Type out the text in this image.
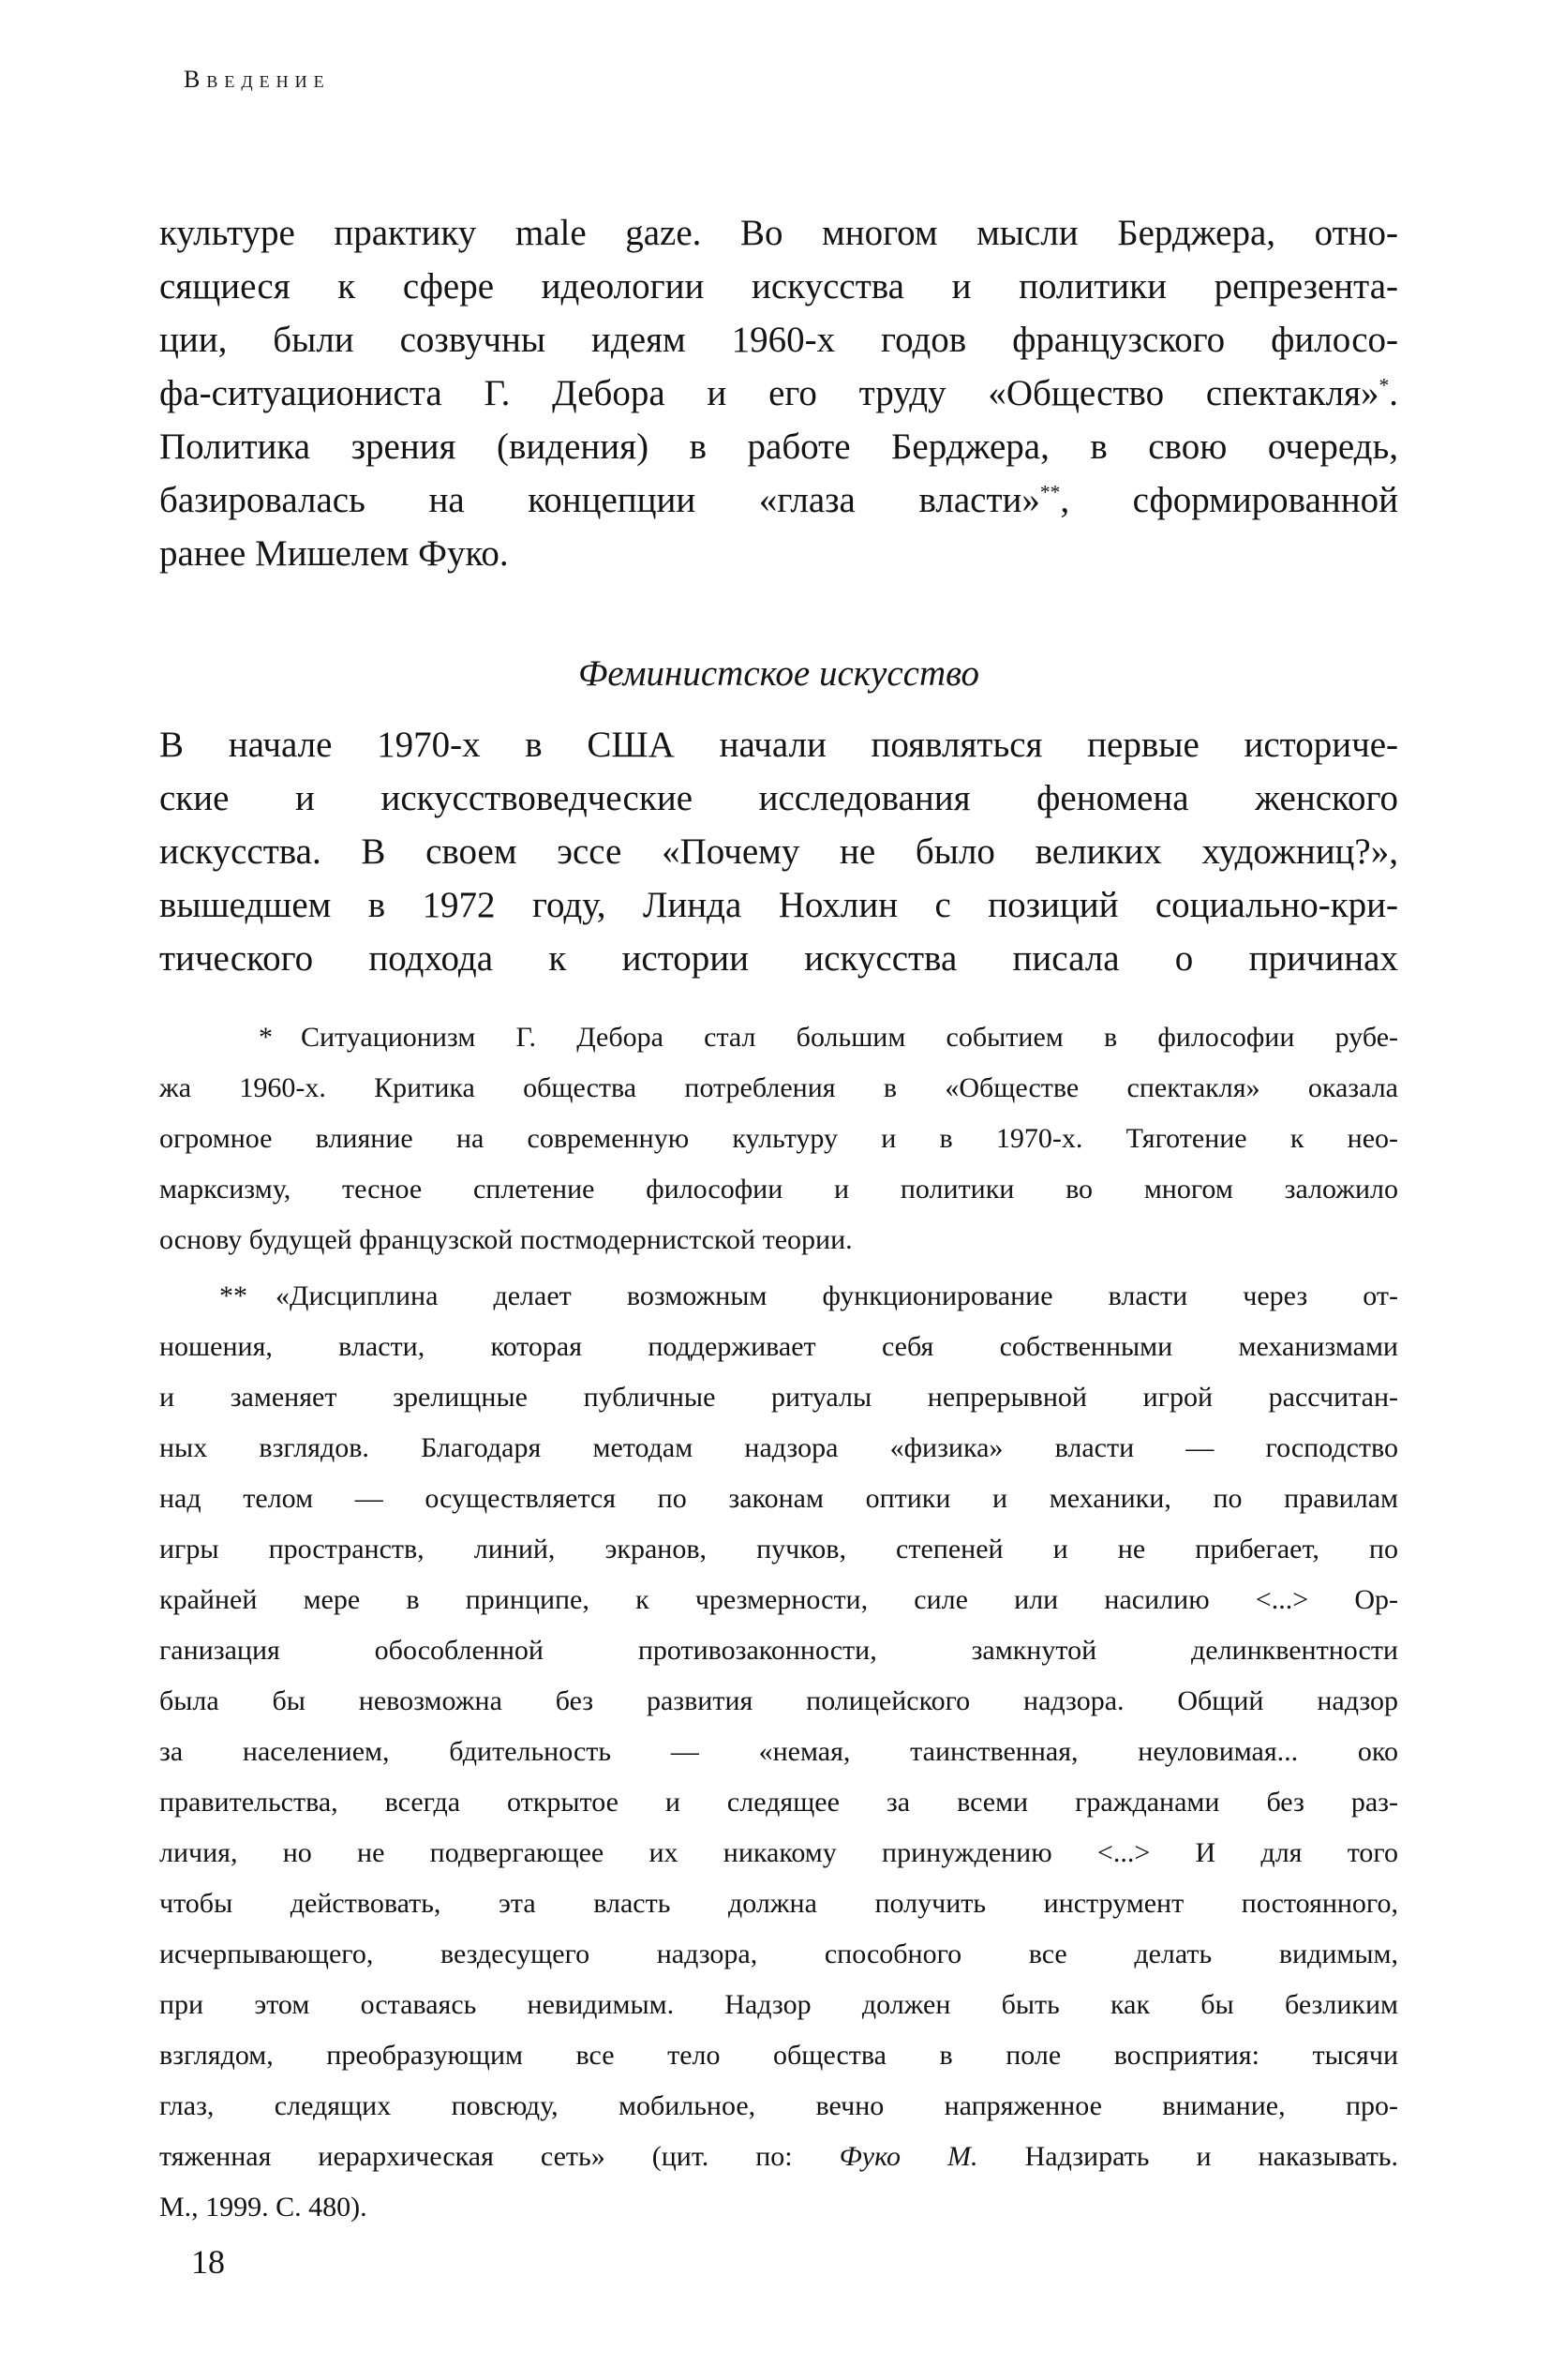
Введение
культуре практику male gaze. Во многом мысли Берджера, отно-
сящиеся к сфере идеологии искусства и политики репрезента-
ции, были созвучны идеям 1960-х годов французского филосо-
фа-ситуациониста Г. Дебора и его труду «Общество спектакля»*.
Политика зрения (видения) в работе Берджера, в свою очередь,
базировалась на концепции «глаза власти»**, сформированной
ранее Мишелем Фуко.
Феминистское искусство
В начале 1970-х в США начали появляться первые историче-
ские и искусствоведческие исследования феномена женского
искусства. В своем эссе «Почему не было великих художниц?»,
вышедшем в 1972 году, Линда Нохлин с позиций социально-кри-
тического подхода к истории искусства писала о причинах
* Ситуационизм Г. Дебора стал большим событием в философии рубе-
жа 1960-х. Критика общества потребления в «Обществе спектакля» оказала
огромное влияние на современную культуру и в 1970-х. Тяготение к нео-
марксизму, тесное сплетение философии и политики во многом заложило
основу будущей французской постмодернистской теории.
** «Дисциплина делает возможным функционирование власти через от-
ношения, власти, которая поддерживает себя собственными механизмами
и заменяет зрелищные публичные ритуалы непрерывной игрой рассчитан-
ных взглядов. Благодаря методам надзора «физика» власти — господство
над телом — осуществляется по законам оптики и механики, по правилам
игры пространств, линий, экранов, пучков, степеней и не прибегает, по
крайней мере в принципе, к чрезмерности, силе или насилию <...> Ор-
ганизация обособленной противозаконности, замкнутой делинквентности
была бы невозможна без развития полицейского надзора. Общий надзор
за населением, бдительность — «немая, таинственная, неуловимая... око
правительства, всегда открытое и следящее за всеми гражданами без раз-
личия, но не подвергающее их никакому принуждению <...> И для того
чтобы действовать, эта власть должна получить инструмент постоянного,
исчерпывающего, вездесущего надзора, способного все делать видимым,
при этом оставаясь невидимым. Надзор должен быть как бы безликим
взглядом, преобразующим все тело общества в поле восприятия: тысячи
глаз, следящих повсюду, мобильное, вечно напряженное внимание, про-
тяженная иерархическая сеть» (цит. по: Фуко М. Надзирать и наказывать.
М., 1999. С. 480).
18
